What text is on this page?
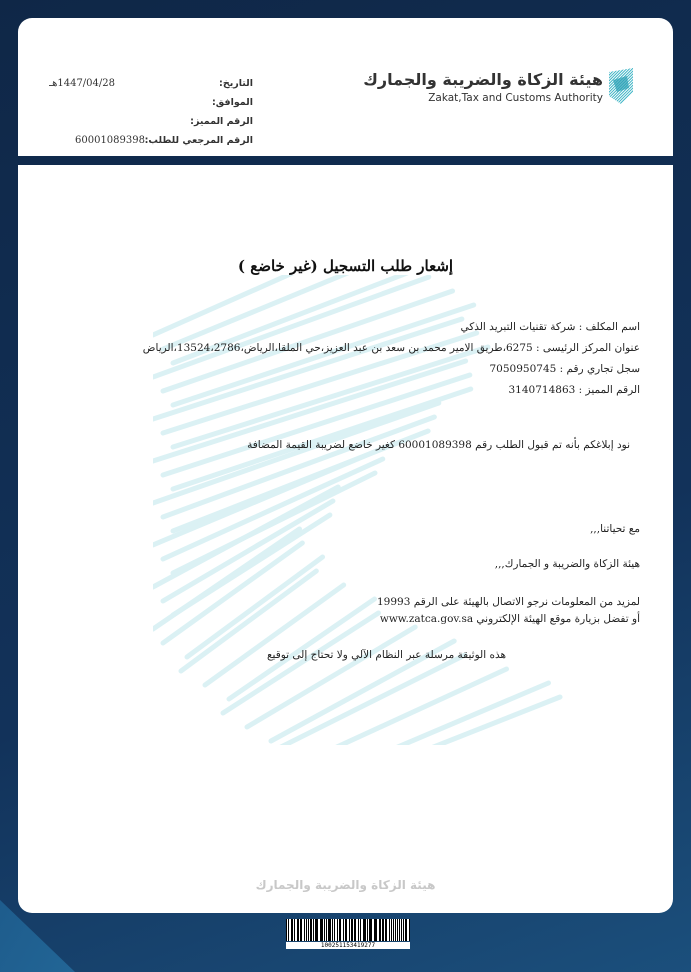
هيئة الزكاة والضريبة والجمارك
Zakat,Tax and Customs Authority
التاريخ:
1447/04/28هـ
الموافق:
الرقم المميز:
الرقم المرجعي للطلب:
60001089398
إشعار طلب التسجيل (غير خاضع )
اسم المكلف : شركة تقنيات التبريد الذكي
عنوان المركز الرئيسى : 6275،طريق الامير محمد بن سعد بن عبد العزيز،حي الملقا،الرياض،13524،2786،الرياض
سجل تجاري رقم : 7050950745
الرقم المميز : 3140714863
نود إبلاغكم بأنه تم قبول الطلب رقم 60001089398 كغير خاضع لضريبة القيمة المضافة
مع تحياتنا,,,
هيئة الزكاة والضريبة و الجمارك,,,
لمزيد من المعلومات نرجو الاتصال بالهيئة على الرقم 19993
أو تفضل بزيارة موقع الهيئة الإلكتروني www.zatca.gov.sa
هذه الوثيقة مرسلة عبر النظام الآلي ولا تحتاج إلى توقيع
هيئة الزكاة والضريبة والجمارك
100251153419277
